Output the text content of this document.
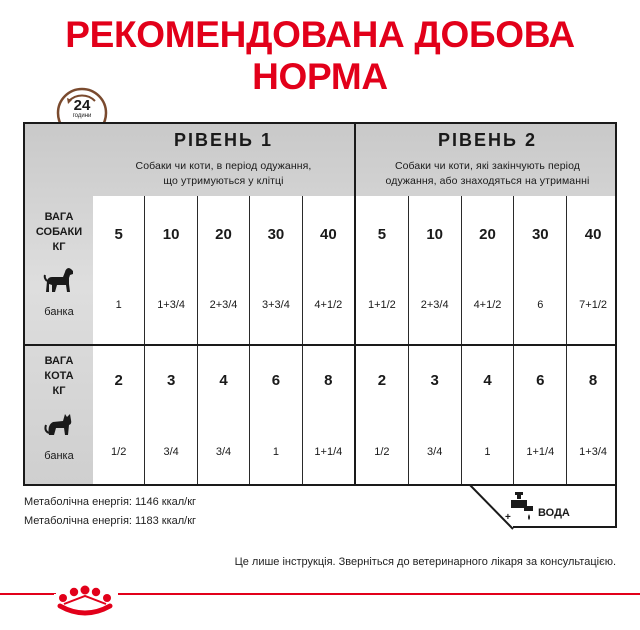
РЕКОМЕНДОВАНА ДОБОВА НОРМА
24
години
РІВЕНЬ 1
Собаки чи коти, в період одужання,
що утримуються у клітці
РІВЕНЬ 2
Собаки чи коти, які закінчують період
одужання, або знаходяться на утриманні
ВАГА
СОБАКИ
КГ
банка
5
1
10
1+3/4
20
2+3/4
30
3+3/4
40
4+1/2
5
1+1/2
10
2+3/4
20
4+1/2
30
6
40
7+1/2
ВАГА
КОТА
КГ
банка
2
1/2
3
3/4
4
3/4
6
1
8
1+1/4
2
1/2
3
3/4
4
1
6
1+1/4
8
1+3/4
+ ВОДА
Метаболічна енергія: 1146 ккал/кг
Метаболічна енергія: 1183 ккал/кг
Це лише інструкція. Зверніться до ветеринарного лікаря за консультацією.
